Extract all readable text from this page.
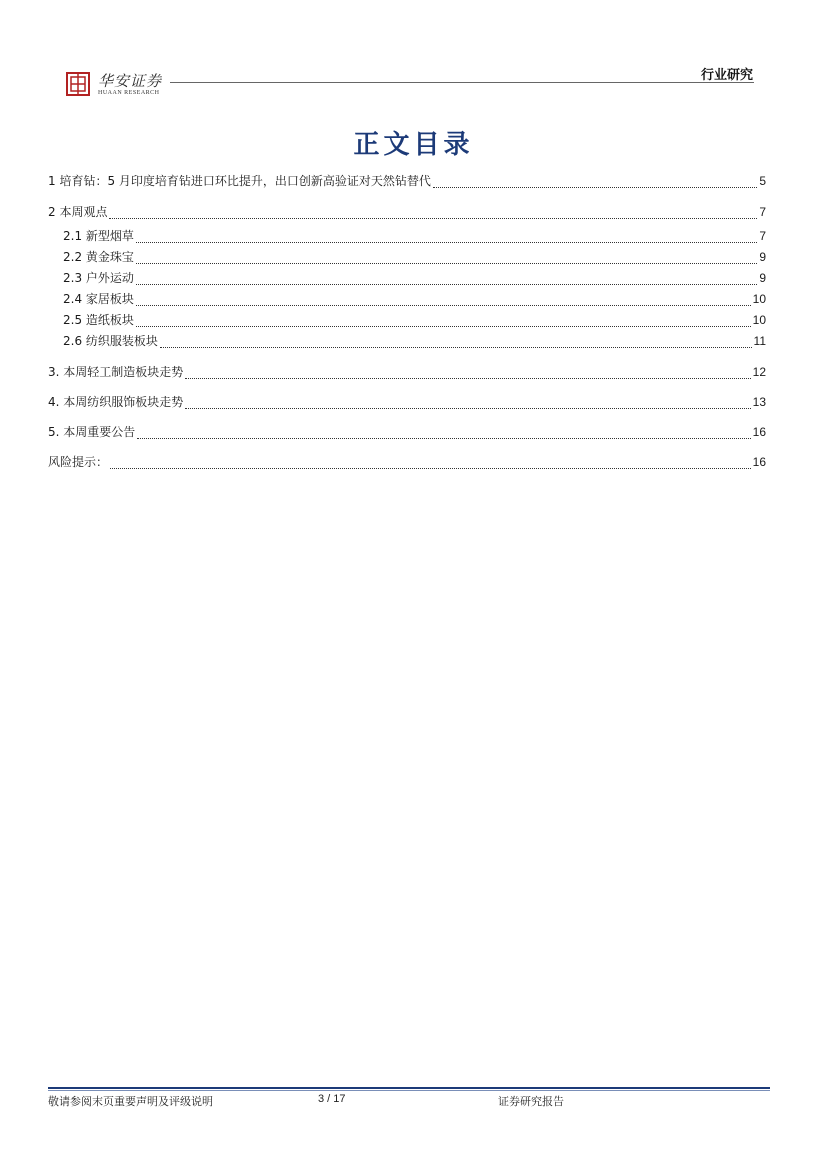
华安证券
HUAAN RESEARCH
行业研究
正文目录
1 培育钻：5 月印度培育钻进口环比提升，出口创新高验证对天然钻替代	5
2 本周观点	7
2.1 新型烟草	7
2.2 黄金珠宝	9
2.3 户外运动	9
2.4 家居板块	10
2.5 造纸板块	10
2.6 纺织服装板块	11
3. 本周轻工制造板块走势	12
4. 本周纺织服饰板块走势	13
5. 本周重要公告	16
风险提示：	16
敬请参阅末页重要声明及评级说明	3 / 17	证券研究报告
